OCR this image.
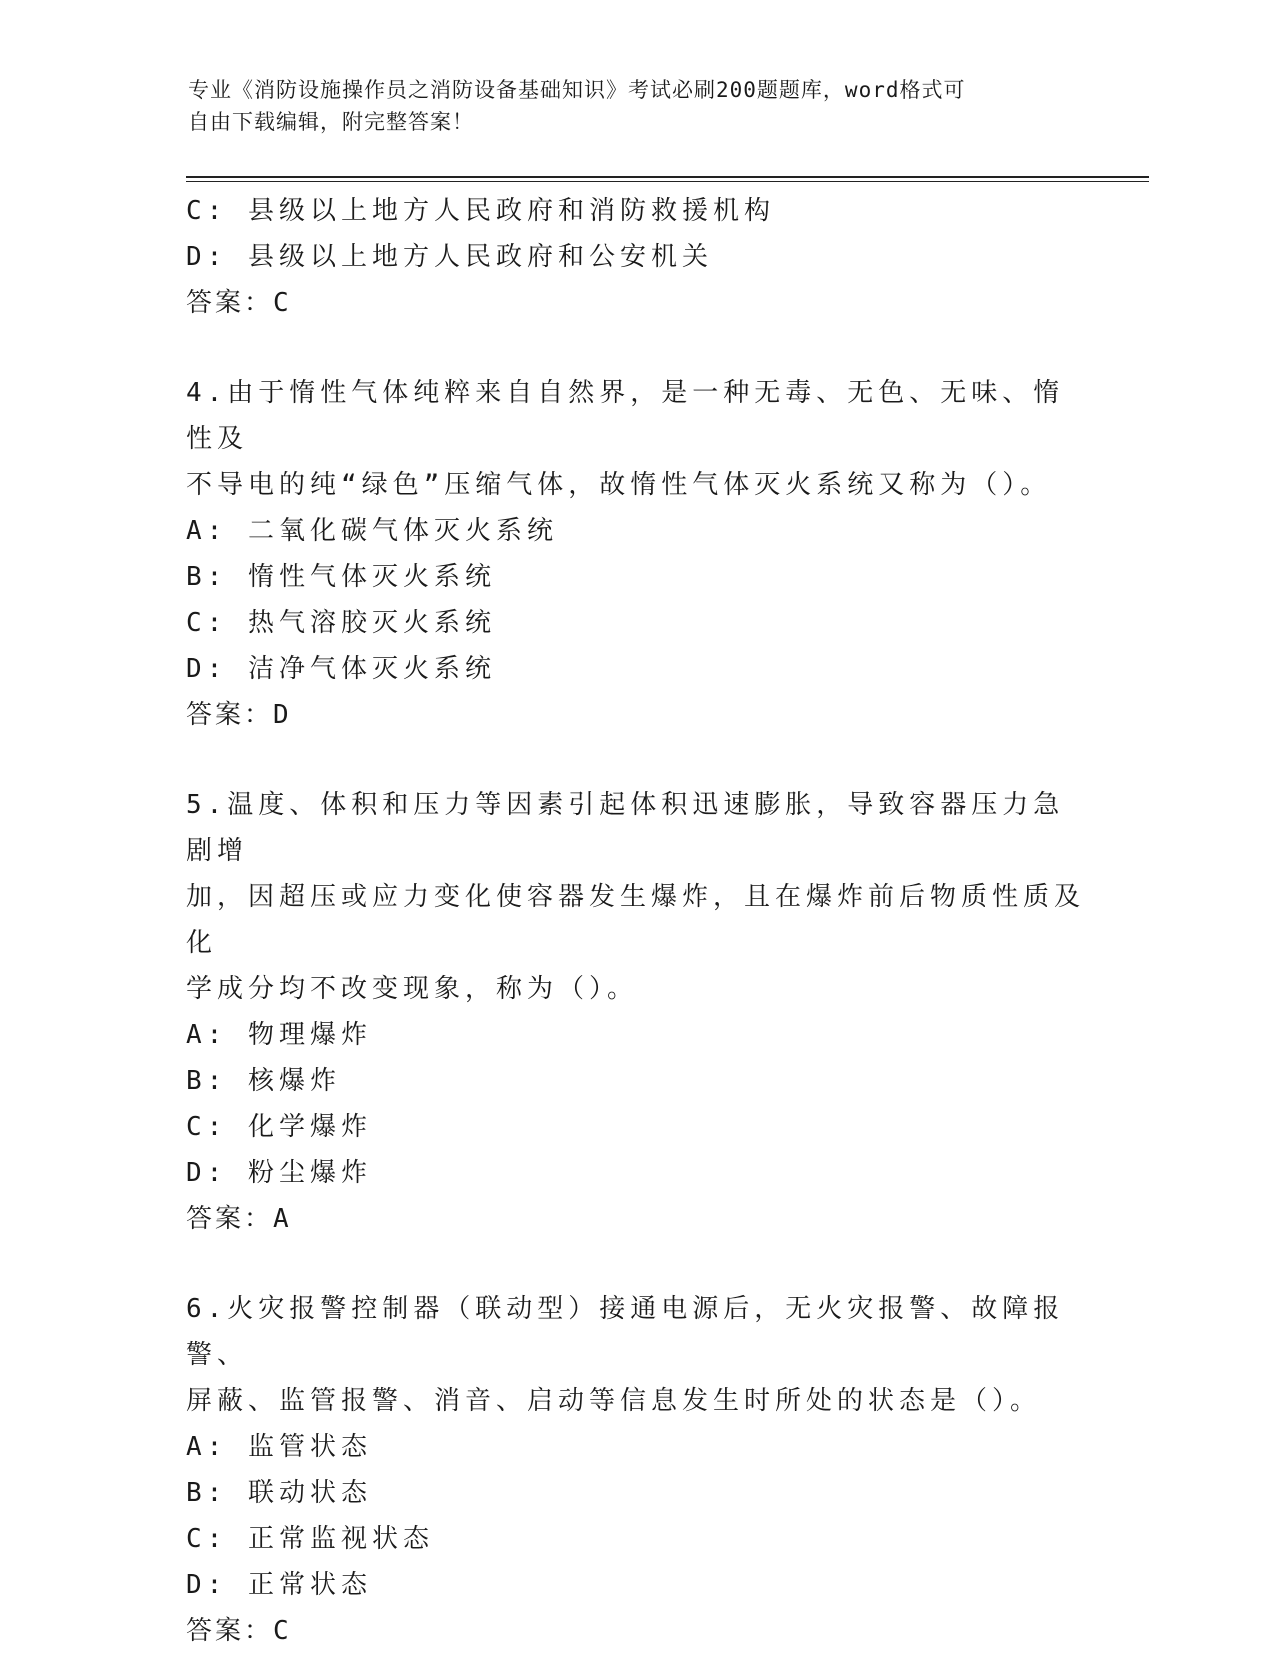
专业《消防设施操作员之消防设备基础知识》考试必刷200题题库，word格式可
自由下载编辑，附完整答案！
C: 县级以上地方人民政府和消防救援机构
D: 县级以上地方人民政府和公安机关
答案：C
4.由于惰性气体纯粹来自自然界，是一种无毒、无色、无味、惰性及
不导电的纯“绿色”压缩气体，故惰性气体灭火系统又称为（）。
A: 二氧化碳气体灭火系统
B: 惰性气体灭火系统
C: 热气溶胶灭火系统
D: 洁净气体灭火系统
答案：D
5.温度、体积和压力等因素引起体积迅速膨胀，导致容器压力急剧增
加，因超压或应力变化使容器发生爆炸，且在爆炸前后物质性质及化
学成分均不改变现象，称为（）。
A: 物理爆炸
B: 核爆炸
C: 化学爆炸
D: 粉尘爆炸
答案：A
6.火灾报警控制器（联动型）接通电源后，无火灾报警、故障报警、
屏蔽、监管报警、消音、启动等信息发生时所处的状态是（）。
A: 监管状态
B: 联动状态
C: 正常监视状态
D: 正常状态
答案：C
